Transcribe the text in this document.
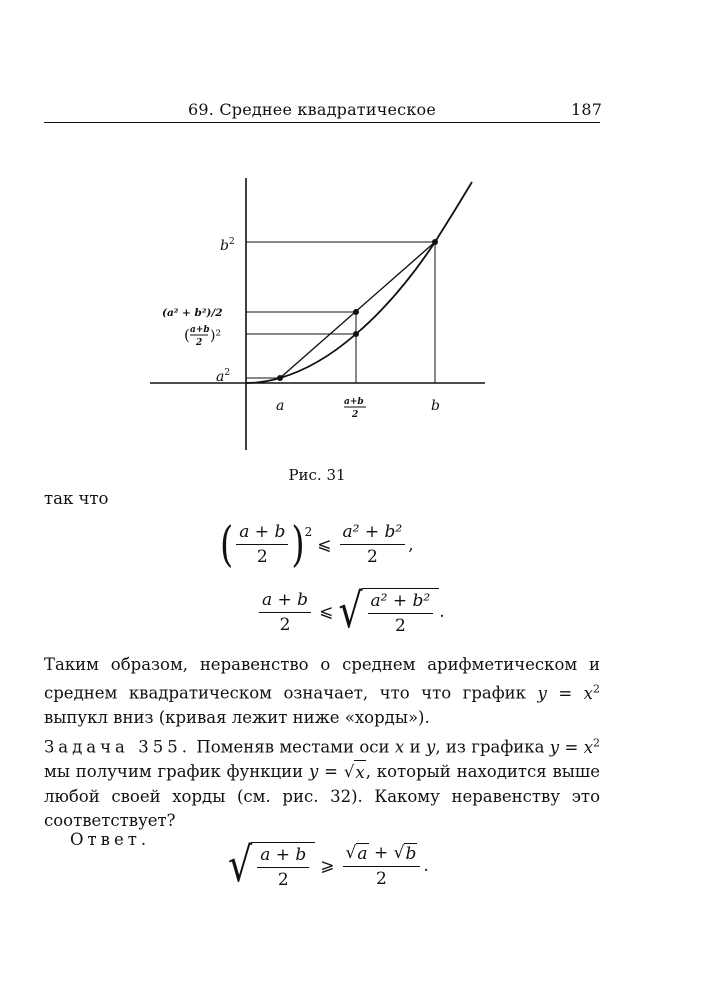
69. Среднее квадратическое	187
$b^2$
(a² + b²)/2
( a+b
2 )²
$a^2$
a	a+b
2
b
Рис. 31
так что
( $\frac{a + b}{2} )^2$
⩽ $\frac{\text{a² + b²}}{2}$ ,
$\frac{a + b}{2}$ ⩽ √ $\frac{\text{a² + b²}}{2}$ .
Таким образом, неравенство о среднем арифметическом и среднем квадратическом означает, что что график $y = x^2$ выпукл вниз (кривая лежит ниже «хорды»).
Задача 355. Поменяв местами оси x и y, из графика $y = x^2$ мы получим график функции y = √ x , который находится выше любой своей хорды (см. рис. 32). Какому неравенству это соответствует?
Ответ. √ $\frac{a + b}{2}$ ⩾ $\frac{√ a + √ b}{2}$ .
